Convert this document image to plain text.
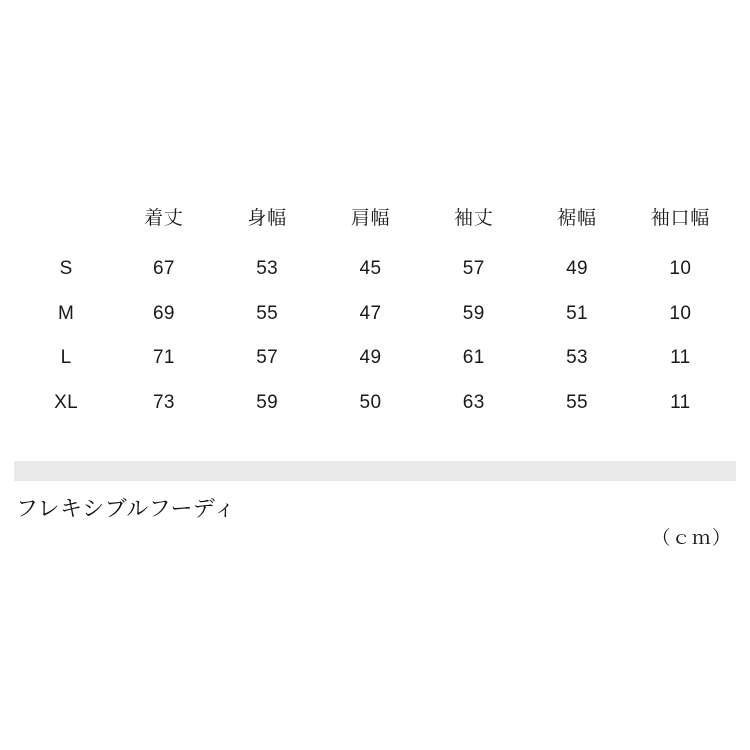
	着丈	身幅	肩幅	袖丈	裾幅	袖口幅
S	67	53	45	57	49	10
M	69	55	47	59	51	10
L	71	57	49	61	53	11
XL	73	59	50	63	55	11
フレキシブルフーディ
（ｃｍ）
